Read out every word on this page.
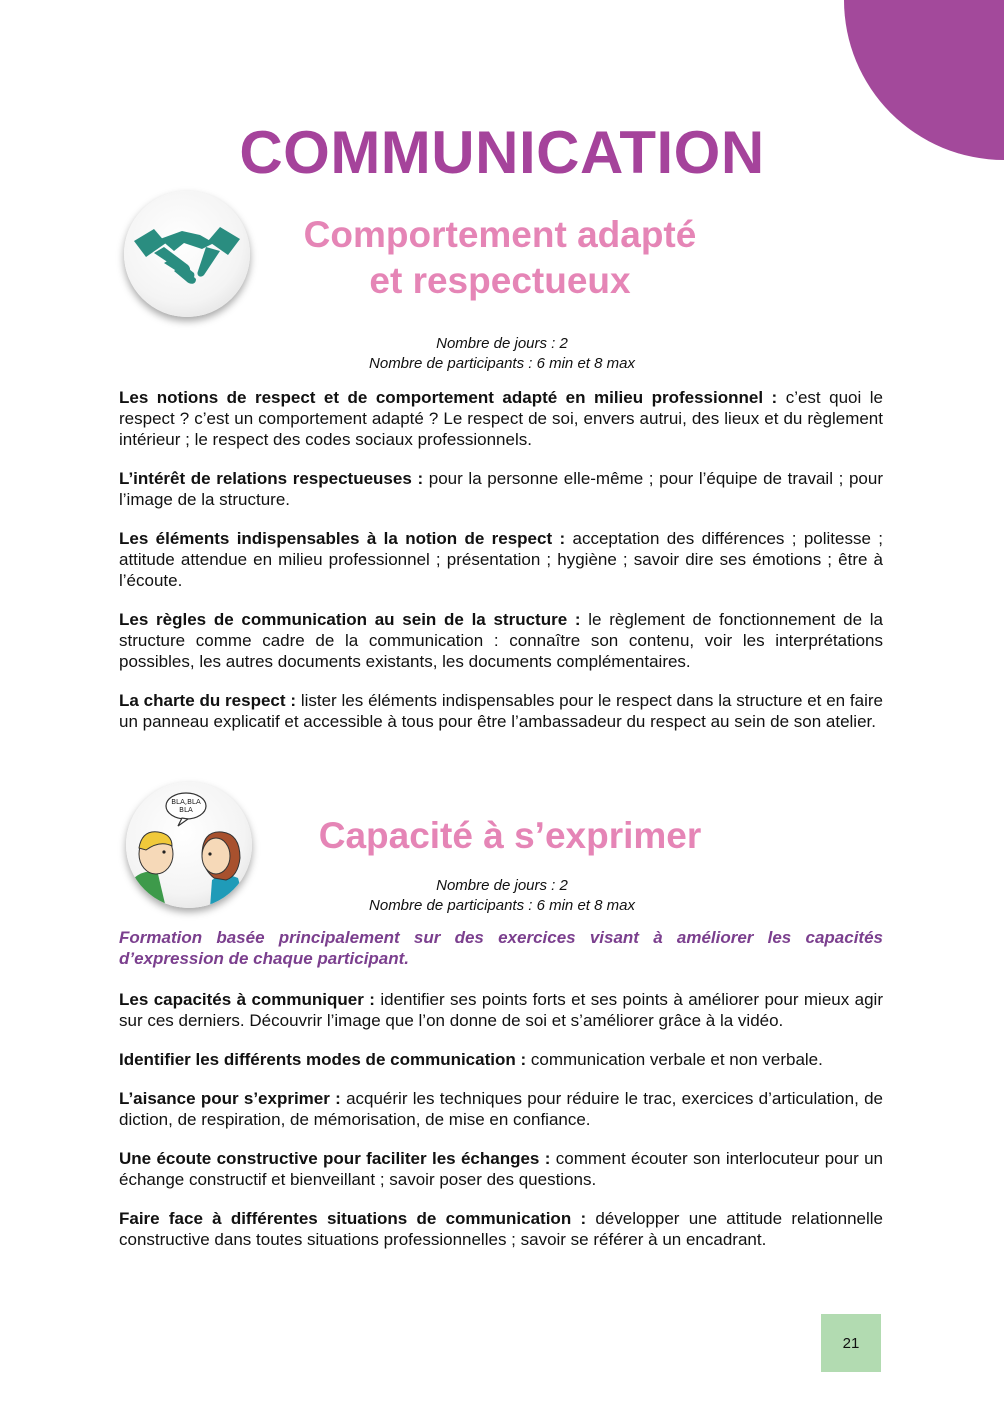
COMMUNICATION
Comportement adapté
et respectueux
Nombre de jours : 2
Nombre de participants : 6 min et 8 max

Les notions de respect et de comportement adapté en milieu professionnel : c’est quoi le respect ? c’est un comportement adapté ? Le respect de soi, envers autrui, des lieux et du règlement intérieur ; le respect des codes sociaux professionnels.

L’intérêt de relations respectueuses : pour la personne elle-même ; pour l’équipe de travail ; pour l’image de la structure.

Les éléments indispensables à la notion de respect : acceptation des différences ; politesse ; attitude attendue en milieu professionnel ; présentation ; hygiène ; savoir dire ses émotions ; être à l’écoute.

Les règles de communication au sein de la structure : le règlement de fonctionnement de la structure comme cadre de la communication : connaître son contenu, voir les interprétations possibles, les autres documents existants, les documents complémentaires.

La charte du respect : lister les éléments indispensables pour le respect dans la structure et en faire un panneau explicatif et accessible à tous pour être l’ambassadeur du respect au sein de son atelier.

BLA,BLA
BLA
Capacité à s’exprimer
Nombre de jours : 2
Nombre de participants : 6 min et 8 max

Formation basée principalement sur des exercices visant à améliorer les capacités d’expression de chaque participant.

Les capacités à communiquer : identifier ses points forts et ses points à améliorer pour mieux agir sur ces derniers. Découvrir l’image que l’on donne de soi et s’améliorer grâce à la vidéo.

Identifier les différents modes de communication : communication verbale et non verbale.

L’aisance pour s’exprimer : acquérir les techniques pour réduire le trac, exercices d’articulation, de diction, de respiration, de mémorisation, de mise en confiance.

Une écoute constructive pour faciliter les échanges : comment écouter son interlocuteur pour un échange constructif et bienveillant ; savoir poser des questions.

Faire face à différentes situations de communication : développer une attitude relationnelle constructive dans toutes situations professionnelles ; savoir se référer à un encadrant.

21
